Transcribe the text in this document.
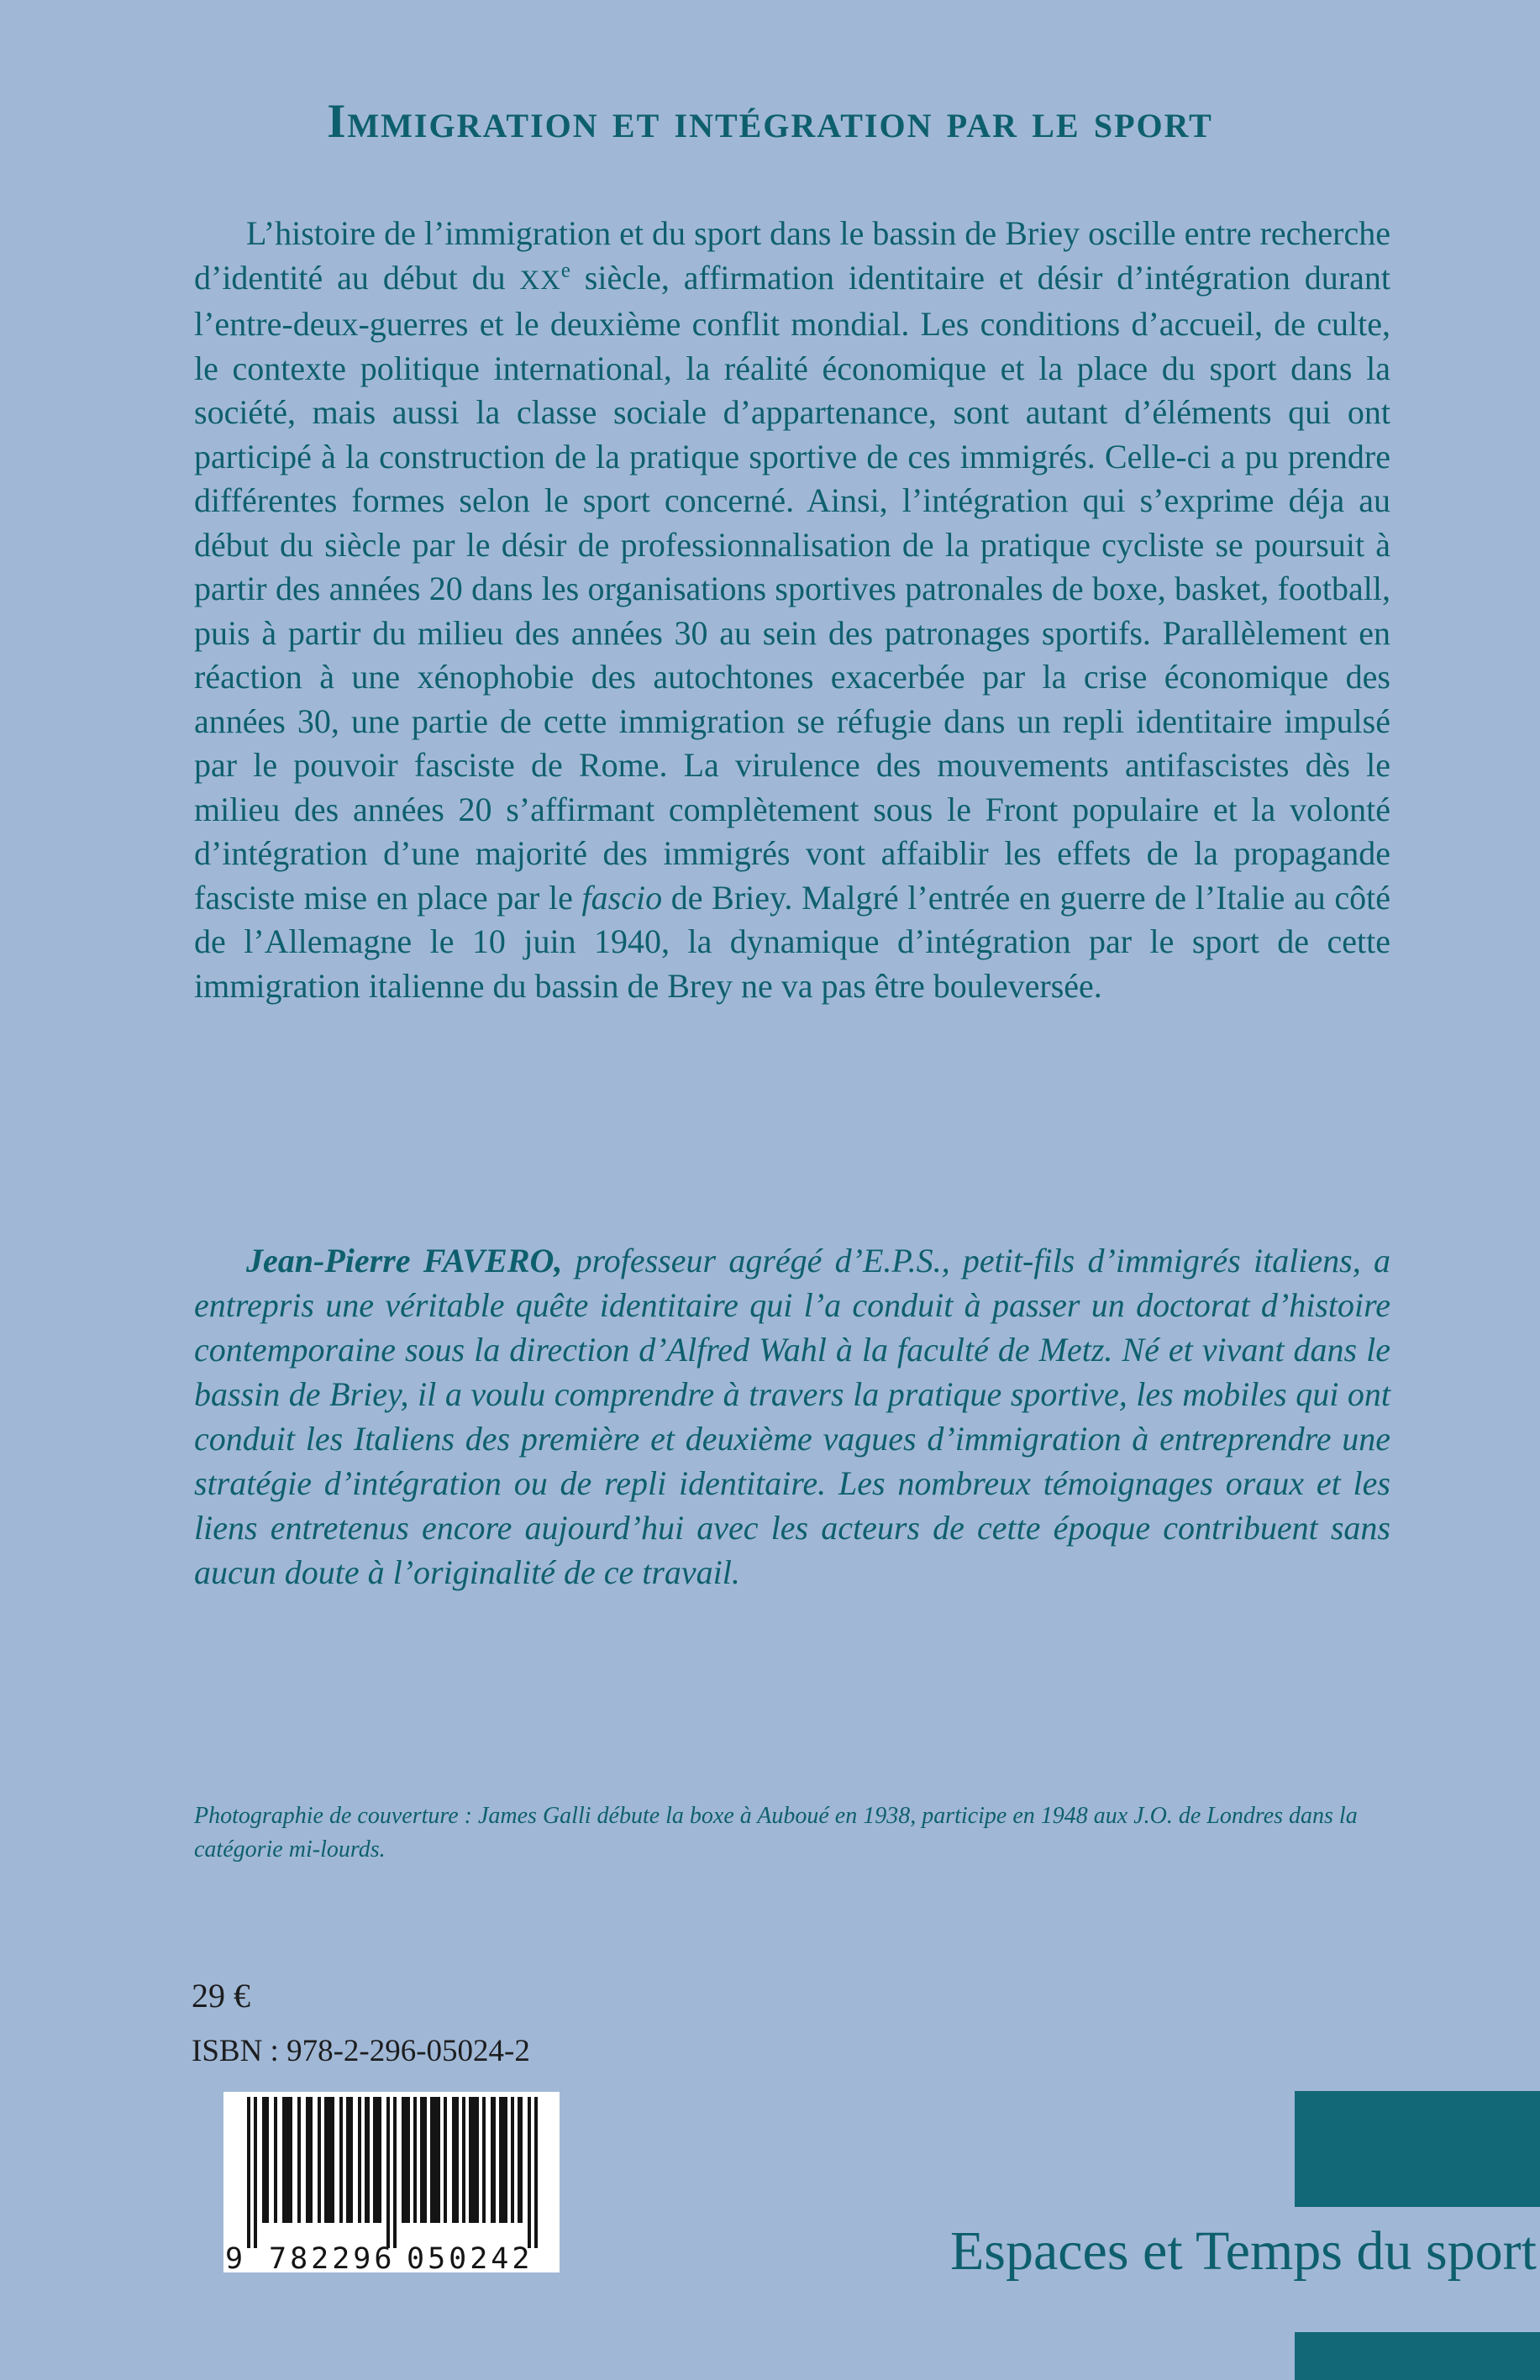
Immigration et intégration par le sport
L’histoire de l’immigration et du sport dans le bassin de Briey oscille entre recherche d’identité au début du XXe siècle, affirmation identitaire et désir d’intégration durant l’entre-deux-guerres et le deuxième conflit mondial. Les conditions d’accueil, de culte, le contexte politique international, la réalité économique et la place du sport dans la société, mais aussi la classe sociale d’appartenance, sont autant d’éléments qui ont participé à la construction de la pratique sportive de ces immigrés. Celle-ci a pu prendre différentes formes selon le sport concerné. Ainsi, l’intégration qui s’exprime déja au début du siècle par le désir de professionnalisation de la pratique cycliste se poursuit à partir des années 20 dans les organisations sportives patronales de boxe, basket, football, puis à partir du milieu des années 30 au sein des patronages sportifs. Parallèlement en réaction à une xénophobie des autochtones exacerbée par la crise économique des années 30, une partie de cette immigration se réfugie dans un repli identitaire impulsé par le pouvoir fasciste de Rome. La virulence des mouvements antifascistes dès le milieu des années 20 s’affirmant complètement sous le Front populaire et la volonté d’intégration d’une majorité des immigrés vont affaiblir les effets de la propagande fasciste mise en place par le fascio de Briey. Malgré l’entrée en guerre de l’Italie au côté de l’Allemagne le 10 juin 1940, la dynamique d’intégration par le sport de cette immigration italienne du bassin de Brey ne va pas être bouleversée.
Jean-Pierre FAVERO, professeur agrégé d’E.P.S., petit-fils d’immigrés italiens, a entrepris une véritable quête identitaire qui l’a conduit à passer un doctorat d’histoire contemporaine sous la direction d’Alfred Wahl à la faculté de Metz. Né et vivant dans le bassin de Briey, il a voulu comprendre à travers la pratique sportive, les mobiles qui ont conduit les Italiens des première et deuxième vagues d’immigration à entreprendre une stratégie d’intégration ou de repli identitaire. Les nombreux témoignages oraux et les liens entretenus encore aujourd’hui avec les acteurs de cette époque contribuent sans aucun doute à l’originalité de ce travail.
Photographie de couverture : James Galli débute la boxe à Auboué en 1938, participe en 1948 aux J.O. de Londres dans la catégorie mi-lourds.
29 €
ISBN : 978-2-296-05024-2
9 782296 050242	Espaces et Temps du sport
